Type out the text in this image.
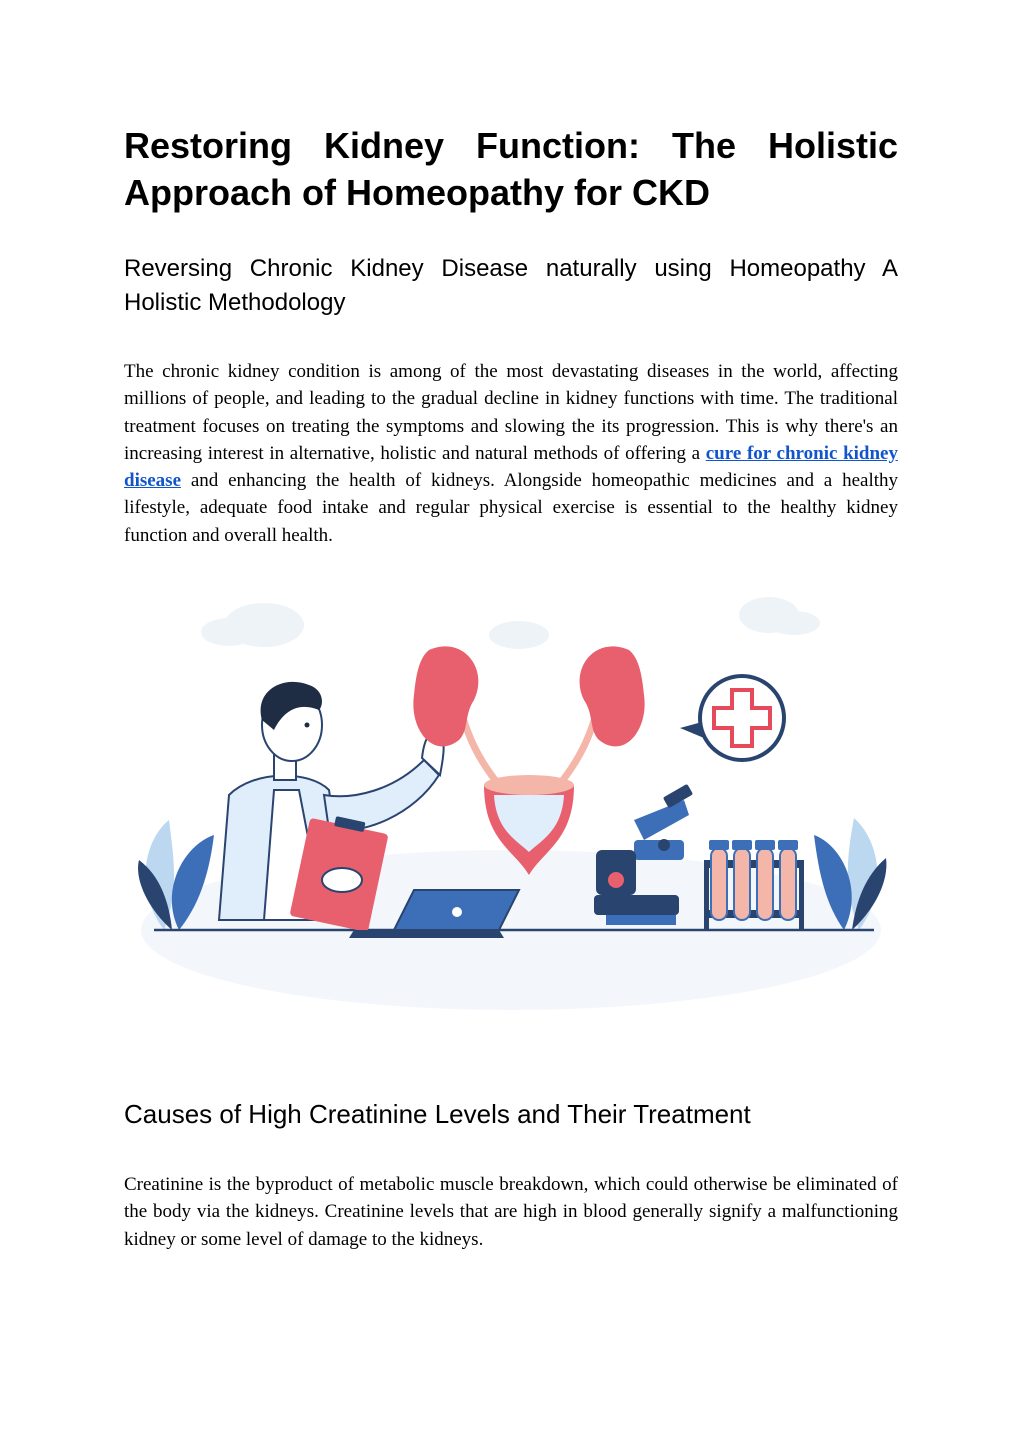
Restoring Kidney Function: The Holistic Approach of Homeopathy for CKD
Reversing Chronic Kidney Disease naturally using Homeopathy A Holistic Methodology

The chronic kidney condition is among of the most devastating diseases in the world, affecting millions of people, and leading to the gradual decline in kidney functions with time. The traditional treatment focuses on treating the symptoms and slowing the its progression. This is why there's an increasing interest in alternative, holistic and natural methods of offering a cure for chronic kidney disease and enhancing the health of kidneys. Alongside homeopathic medicines and a healthy lifestyle, adequate food intake and regular physical exercise is essential to the healthy kidney function and overall health.

Causes of High Creatinine Levels and Their Treatment

Creatinine is the byproduct of metabolic muscle breakdown, which could otherwise be eliminated of the body via the kidneys. Creatinine levels that are high in blood generally signify a malfunctioning kidney or some level of damage to the kidneys.
